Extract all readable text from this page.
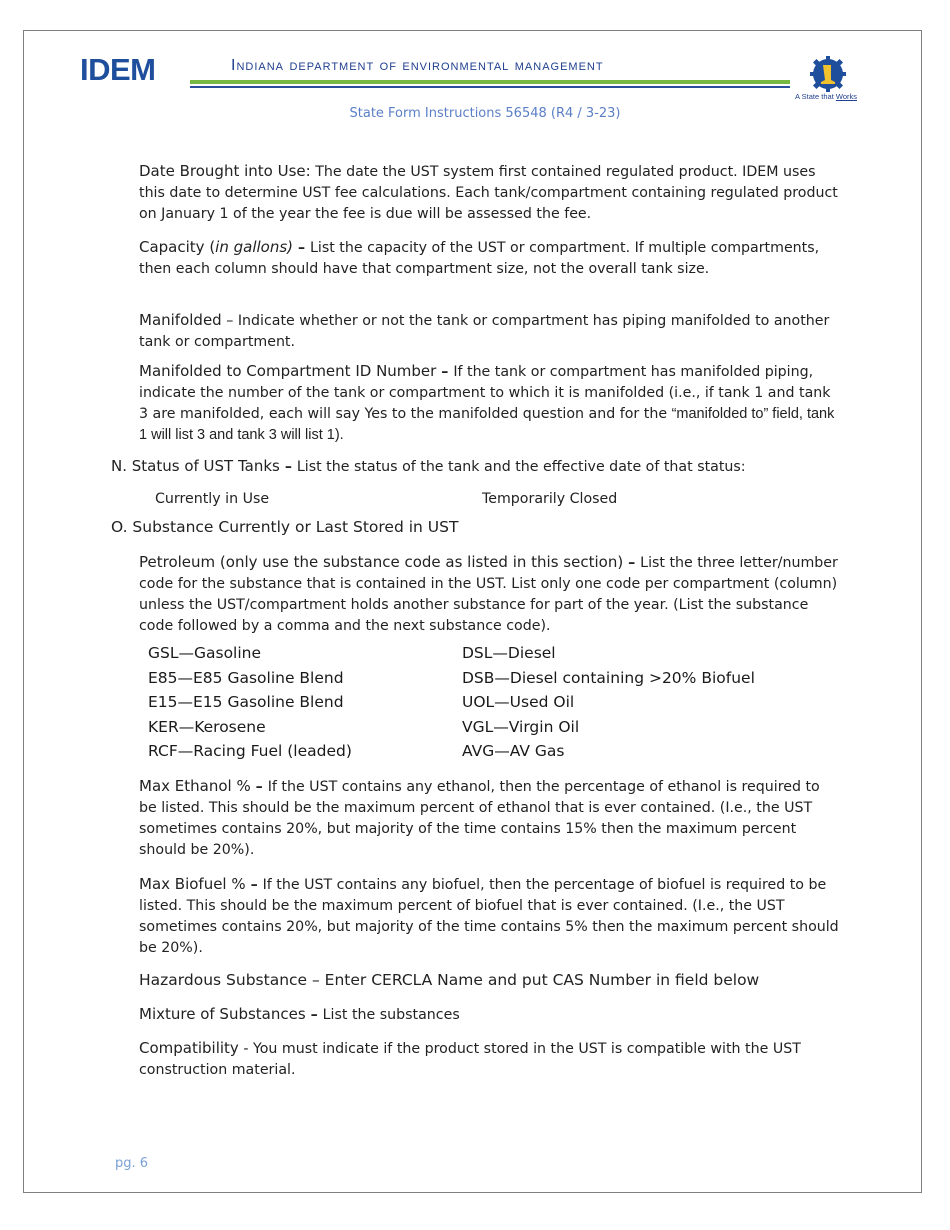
IDEM	Indiana department of environmental management
A State that Works
State Form Instructions 56548 (R4 / 3-23)
Date Brought into Use: The date the UST system first contained regulated product. IDEM uses this date to determine UST fee calculations. Each tank/compartment containing regulated product on January 1 of the year the fee is due will be assessed the fee.
Capacity (in gallons) – List the capacity of the UST or compartment. If multiple compartments, then each column should have that compartment size, not the overall tank size.
Manifolded – Indicate whether or not the tank or compartment has piping manifolded to another tank or compartment.
Manifolded to Compartment ID Number – If the tank or compartment has manifolded piping, indicate the number of the tank or compartment to which it is manifolded (i.e., if tank 1 and tank 3 are manifolded, each will say Yes to the manifolded question and for the “manifolded to” field, tank 1 will list 3 and tank 3 will list 1).
N. Status of UST Tanks – List the status of the tank and the effective date of that status:
Currently in Use	Temporarily Closed
O. Substance Currently or Last Stored in UST
Petroleum (only use the substance code as listed in this section) – List the three letter/number code for the substance that is contained in the UST. List only one code per compartment (column) unless the UST/compartment holds another substance for part of the year. (List the substance code followed by a comma and the next substance code).
GSL—Gasoline	DSL—Diesel
E85—E85 Gasoline Blend	DSB—Diesel containing >20% Biofuel
E15—E15 Gasoline Blend	UOL—Used Oil
KER—Kerosene	VGL—Virgin Oil
RCF—Racing Fuel (leaded)	AVG—AV Gas
Max Ethanol % – If the UST contains any ethanol, then the percentage of ethanol is required to be listed. This should be the maximum percent of ethanol that is ever contained. (I.e., the UST sometimes contains 20%, but majority of the time contains 15% then the maximum percent should be 20%).
Max Biofuel % – If the UST contains any biofuel, then the percentage of biofuel is required to be listed. This should be the maximum percent of biofuel that is ever contained. (I.e., the UST sometimes contains 20%, but majority of the time contains 5% then the maximum percent should be 20%).
Hazardous Substance – Enter CERCLA Name and put CAS Number in field below
Mixture of Substances – List the substances
Compatibility - You must indicate if the product stored in the UST is compatible with the UST construction material.
pg. 6
